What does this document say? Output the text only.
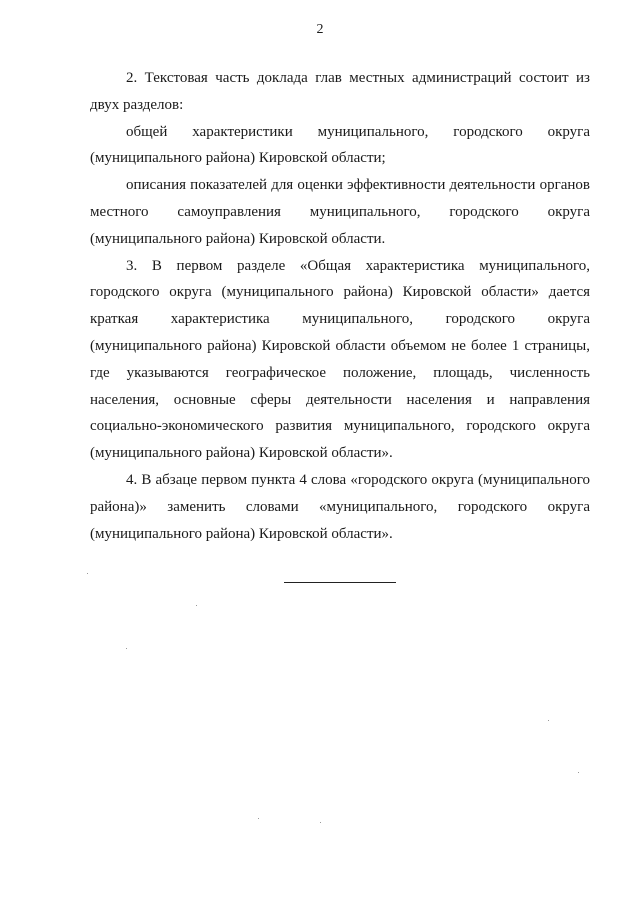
2

2. Текстовая часть доклада глав местных администраций состоит из двух разделов:

общей характеристики муниципального, городского округа (муниципального района) Кировской области;

описания показателей для оценки эффективности деятельности органов местного самоуправления муниципального, городского округа (муниципального района) Кировской области.

3. В первом разделе «Общая характеристика муниципального, городского округа (муниципального района) Кировской области» дается краткая характеристика муниципального, городского округа (муниципального района) Кировской области объемом не более 1 страницы, где указываются географическое положение, площадь, численность населения, основные сферы деятельности населения и направления социально-экономического развития муниципального, городского округа (муниципального района) Кировской области».

4. В абзаце первом пункта 4 слова «городского округа (муниципального района)» заменить словами «муниципального, городского округа (муниципального района) Кировской области».
